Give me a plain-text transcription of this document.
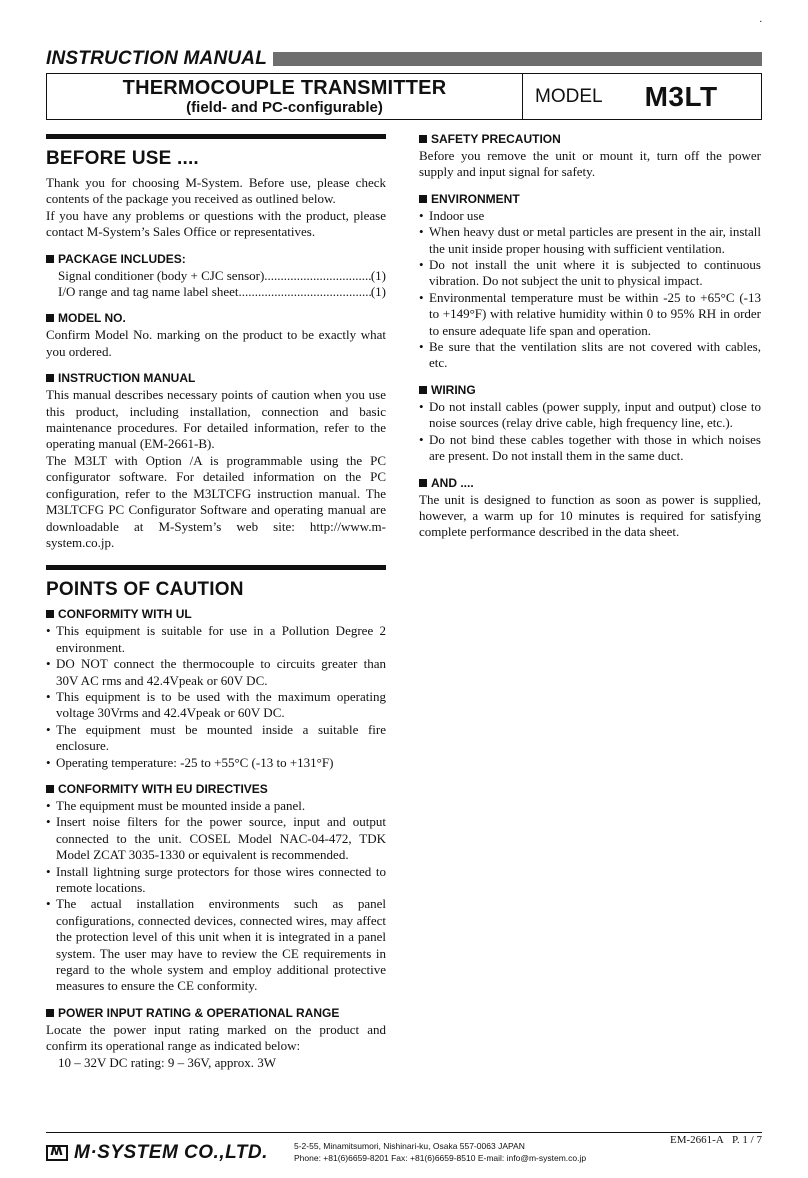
.
INSTRUCTION MANUAL
THERMOCOUPLE TRANSMITTER
(field- and PC-configurable)
MODEL M3LT
BEFORE USE ....

Thank you for choosing M-System. Before use, please check contents of the package you received as outlined below.

If you have any problems or questions with the product, please contact M-System’s Sales Office or representatives.

PACKAGE INCLUDES:
Signal conditioner (body + CJC sensor) .....	(1)
I/O range and tag name label sheet .....	(1)
MODEL NO.

Confirm Model No. marking on the product to be exactly what you ordered.

INSTRUCTION MANUAL

This manual describes necessary points of caution when you use this product, including installation, connection and basic maintenance procedures. For detailed information, refer to the operating manual (EM-2661-B).

The M3LT with Option /A is programmable using the PC configurator software. For detailed information on the PC configuration, refer to the M3LTCFG instruction manual. The M3LTCFG PC Configurator Software and operating manual are downloadable at M-System’s web site: http://www.m-system.co.jp.

POINTS OF CAUTION
CONFORMITY WITH UL
• This equipment is suitable for use in a Pollution Degree 2 environment.
• DO NOT connect the thermocouple to circuits greater than 30V AC rms and 42.4Vpeak or 60V DC.
• This equipment is to be used with the maximum operating voltage 30Vrms and 42.4Vpeak or 60V DC.
• The equipment must be mounted inside a suitable fire enclosure.
• Operating temperature: -25 to +55°C (-13 to +131°F)
CONFORMITY WITH EU DIRECTIVES
• The equipment must be mounted inside a panel.
• Insert noise filters for the power source, input and output connected to the unit. COSEL Model NAC-04-472, TDK Model ZCAT 3035-1330 or equivalent is recommended.
• Install lightning surge protectors for those wires connected to remote locations.
• The actual installation environments such as panel configurations, connected devices, connected wires, may affect the protection level of this unit when it is integrated in a panel system. The user may have to review the CE requirements in regard to the whole system and employ additional protective measures to ensure the CE conformity.
POWER INPUT RATING & OPERATIONAL RANGE

Locate the power input rating marked on the product and confirm its operational range as indicated below:

10 – 32V DC rating: 9 – 36V, approx. 3W
SAFETY PRECAUTION

Before you remove the unit or mount it, turn off the power supply and input signal for safety.

ENVIRONMENT
• Indoor use
• When heavy dust or metal particles are present in the air, install the unit inside proper housing with sufficient ventilation.
• Do not install the unit where it is subjected to continuous vibration. Do not subject the unit to physical impact.
• Environmental temperature must be within -25 to +65°C (-13 to +149°F) with relative humidity within 0 to 95% RH in order to ensure adequate life span and operation.
• Be sure that the ventilation slits are not covered with cables, etc.
WIRING
• Do not install cables (power supply, input and output) close to noise sources (relay drive cable, high frequency line, etc.).
• Do not bind these cables together with those in which noises are present. Do not install them in the same duct.
AND ....

The unit is designed to function as soon as power is supplied, however, a warm up for 10 minutes is required for satisfying complete performance described in the data sheet.

ʍ
M·SYSTEM CO.,LTD.	5-2-55, Minamitsumori, Nishinari-ku, Osaka 557-0063 JAPAN
Phone: +81(6)6659-8201 Fax: +81(6)6659-8510 E-mail: info@m-system.co.jp
EM-2661-A P. 1 / 7
